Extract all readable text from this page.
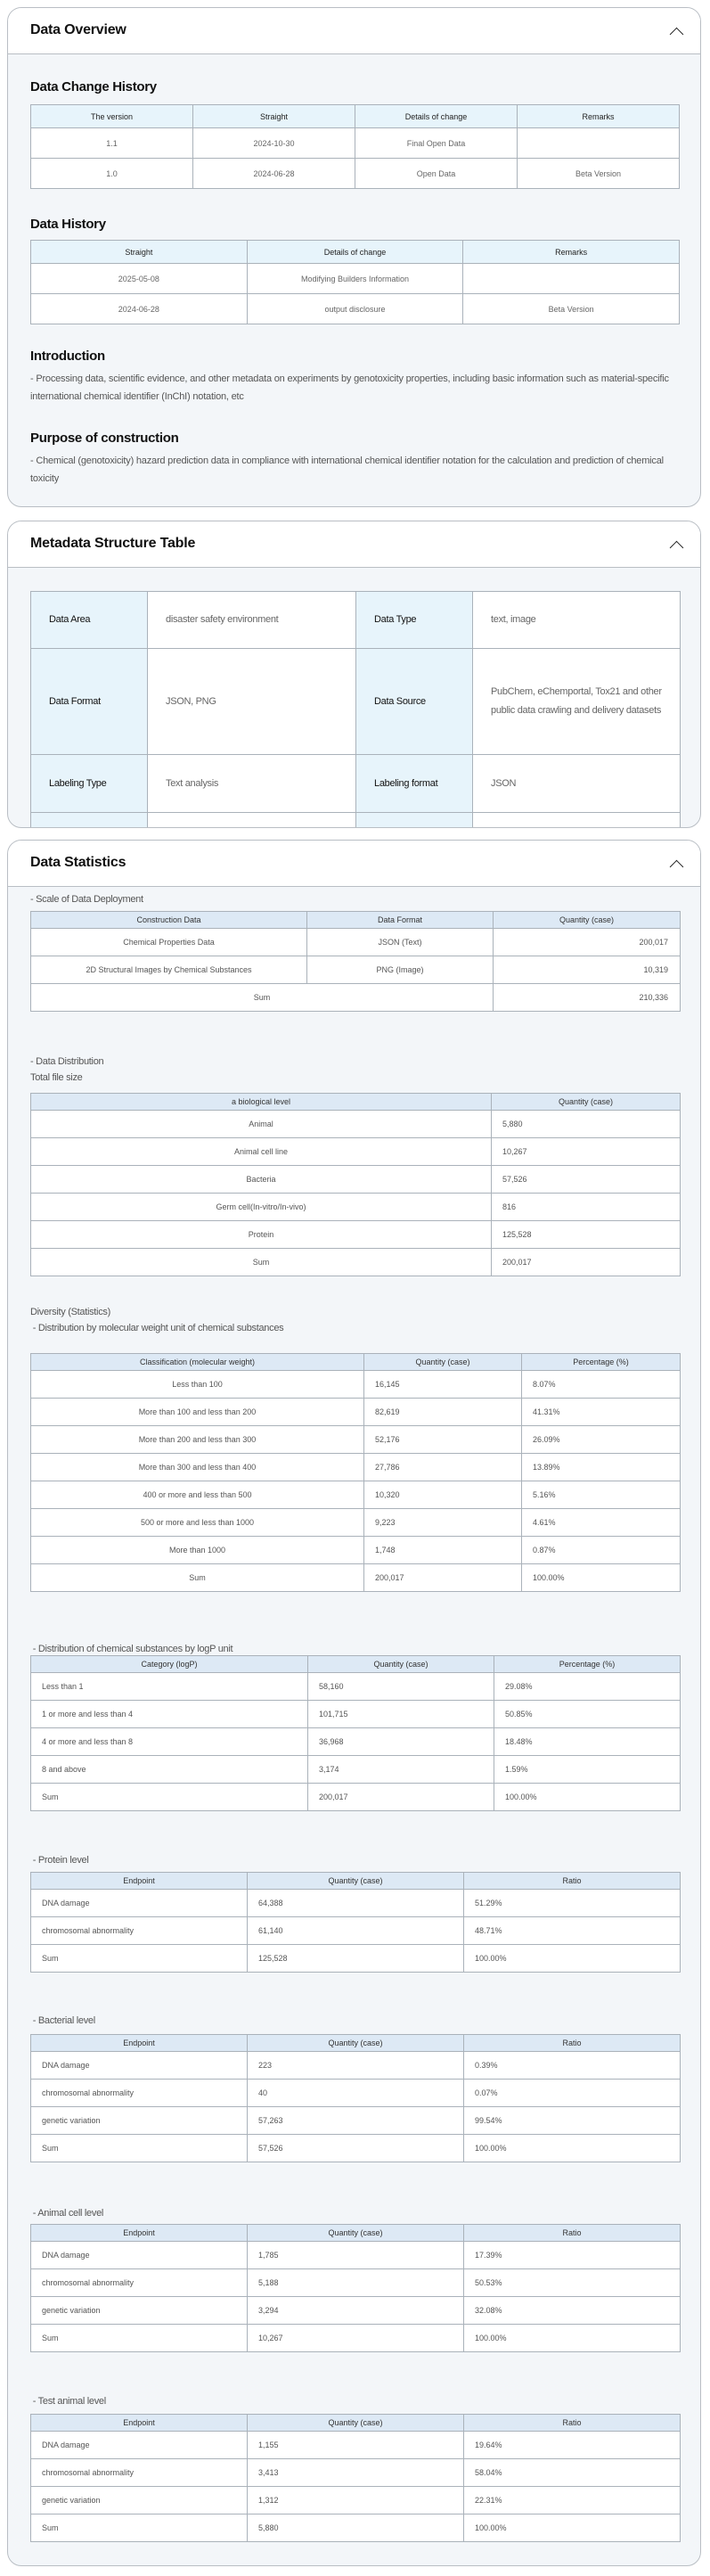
Data Overview
Data Change History
The version	Straight	Details of change	Remarks
1.1	2024-10-30	Final Open Data	
1.0	2024-06-28	Open Data	Beta Version
Data History
Straight	Details of change	Remarks
2025-05-08	Modifying Builders Information	
2024-06-28	output disclosure	Beta Version
Introduction

- Processing data, scientific evidence, and other metadata on experiments by genotoxicity properties, including basic information such as material-specific international chemical identifier (InChI) notation, etc

Purpose of construction

- Chemical (genotoxicity) hazard prediction data in compliance with international chemical identifier notation for the calculation and prediction of chemical toxicity

Metadata Structure Table
Data Area	disaster safety environment	Data Type	text, image
Data Format	JSON, PNG	Data Source	PubChem, eChemportal, Tox21 and other public data crawling and delivery datasets
Labeling Type	Text analysis	Labeling format	JSON

Data Statistics
- Scale of Data Deployment
Construction Data	Data Format	Quantity (case)
Chemical Properties Data	JSON (Text)	200,017
2D Structural Images by Chemical Substances	PNG (Image)	10,319
Sum	210,336
- Data Distribution
Total file size
a biological level	Quantity (case)
Animal	5,880
Animal cell line	10,267
Bacteria	57,526
Germ cell(In-vitro/In-vivo)	816
Protein	125,528
Sum	200,017
Diversity (Statistics)
- Distribution by molecular weight unit of chemical substances
Classification (molecular weight)	Quantity (case)	Percentage (%)
Less than 100	16,145	8.07%
More than 100 and less than 200	82,619	41.31%
More than 200 and less than 300	52,176	26.09%
More than 300 and less than 400	27,786	13.89%
400 or more and less than 500	10,320	5.16%
500 or more and less than 1000	9,223	4.61%
More than 1000	1,748	0.87%
Sum	200,017	100.00%
- Distribution of chemical substances by logP unit
Category (logP)	Quantity (case)	Percentage (%)
Less than 1	58,160	29.08%
1 or more and less than 4	101,715	50.85%
4 or more and less than 8	36,968	18.48%
8 and above	3,174	1.59%
Sum	200,017	100.00%
- Protein level
Endpoint	Quantity (case)	Ratio
DNA damage	64,388	51.29%
chromosomal abnormality	61,140	48.71%
Sum	125,528	100.00%
- Bacterial level
Endpoint	Quantity (case)	Ratio
DNA damage	223	0.39%
chromosomal abnormality	40	0.07%
genetic variation	57,263	99.54%
Sum	57,526	100.00%
- Animal cell level
Endpoint	Quantity (case)	Ratio
DNA damage	1,785	17.39%
chromosomal abnormality	5,188	50.53%
genetic variation	3,294	32.08%
Sum	10,267	100.00%
- Test animal level
Endpoint	Quantity (case)	Ratio
DNA damage	1,155	19.64%
chromosomal abnormality	3,413	58.04%
genetic variation	1,312	22.31%
Sum	5,880	100.00%
